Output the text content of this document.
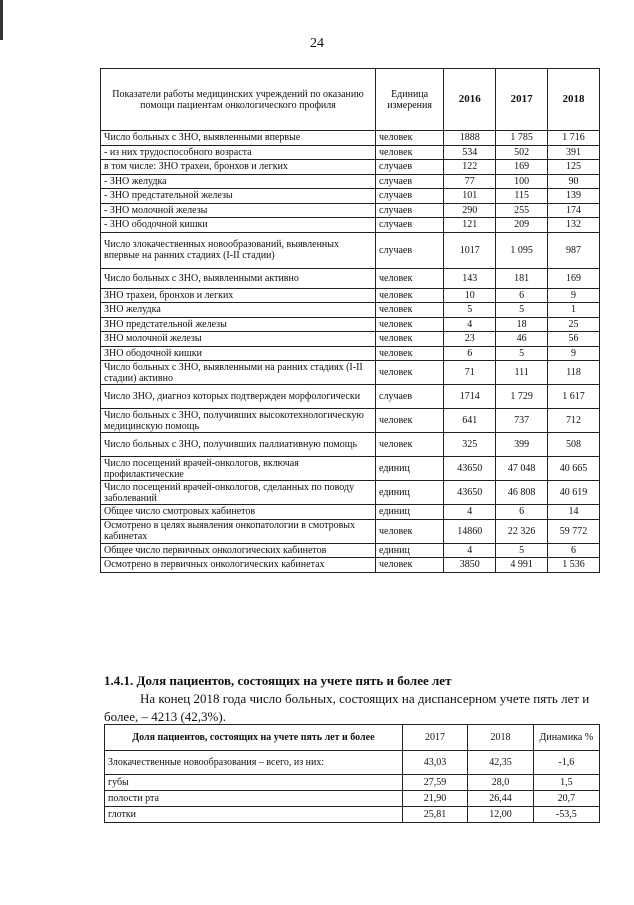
24
Показатели работы медицинских учреждений по оказанию помощи пациентам онкологического профиля	Единица измерения	2016	2017	2018
Число больных с ЗНО, выявленными впервые	человек	1888	1 785	1 716
- из них трудоспособного возраста	человек	534	502	391
в том числе: ЗНО трахеи, бронхов и легких	случаев	122	169	125
- ЗНО желудка	случаев	77	100	90
- ЗНО предстательной железы	случаев	101	115	139
- ЗНО молочной железы	случаев	290	255	174
- ЗНО ободочной кишки	случаев	121	209	132
Число злокачественных новообразований, выявленных впервые на ранних стадиях (I-II стадии)	случаев	1017	1 095	987
Число больных с ЗНО, выявленными активно	человек	143	181	169
ЗНО трахеи, бронхов и легких	человек	10	6	9
ЗНО желудка	человек	5	5	1
ЗНО предстательной железы	человек	4	18	25
ЗНО молочной железы	человек	23	46	56
ЗНО ободочной кишки	человек	6	5	9
Число больных с ЗНО, выявленными на ранних стадиях (I-II стадии) активно	человек	71	111	118
Число ЗНО, диагноз которых подтвержден морфологически	случаев	1714	1 729	1 617
Число больных с ЗНО, получивших высокотехнологическую медицинскую помощь	человек	641	737	712
Число больных с ЗНО, получивших паллиативную помощь	человек	325	399	508
Число посещений врачей-онкологов, включая профилактические	единиц	43650	47 048	40 665
Число посещений врачей-онкологов, сделанных по поводу заболеваний	единиц	43650	46 808	40 619
Общее число смотровых кабинетов	единиц	4	6	14
Осмотрено в целях выявления онкопатологии в смотровых кабинетах	человек	14860	22 326	59 772
Общее число первичных онкологических кабинетов	единиц	4	5	6
Осмотрено в первичных онкологических кабинетах	человек	3850	4 991	1 536
1.4.1. Доля пациентов, состоящих на учете пять и более лет
На конец 2018 года число больных, состоящих на диспансерном учете пять лет и более, – 4213 (42,3%).
Доля пациентов, состоящих на учете пять лет и более	2017	2018	Динамика %
Злокачественные новообразования – всего, из них:	43,03	42,35	-1,6
губы	27,59	28,0	1,5
полости рта	21,90	26,44	20,7
глотки	25,81	12,00	-53,5
